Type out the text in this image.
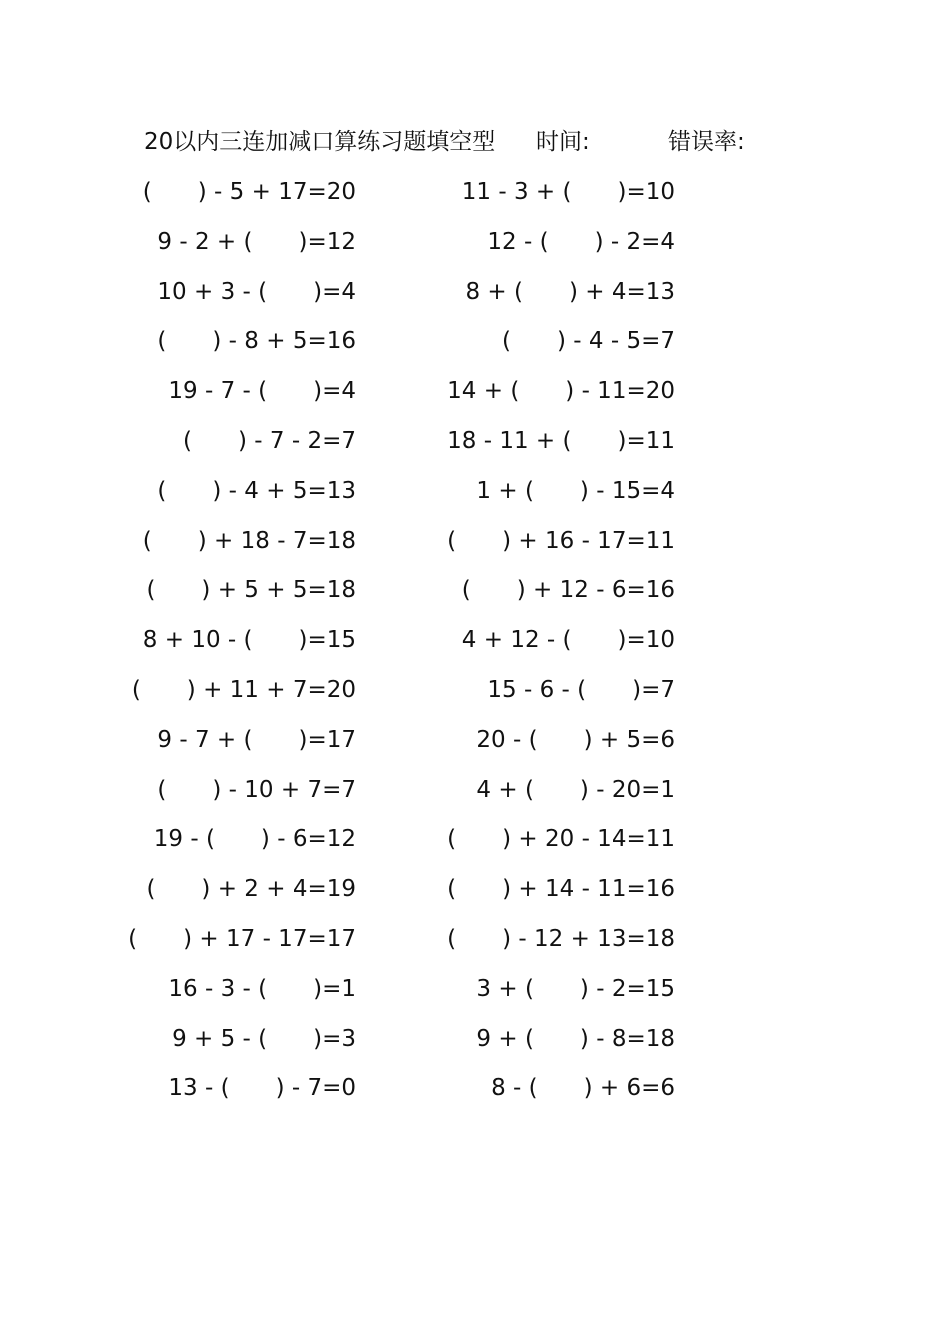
20以内三连加减口算练习题填空型 时间:	错误率:
(　　) - 5 + 17=20	11 - 3 + (　　)=10
9 - 2 + (　　)=12	12 - (　　) - 2=4
10 + 3 - (　　)=4	8 + (　　) + 4=13
(　　) - 8 + 5=16	(　　) - 4 - 5=7
19 - 7 - (　　)=4	14 + (　　) - 11=20
(　　) - 7 - 2=7	18 - 11 + (　　)=11
(　　) - 4 + 5=13	1 + (　　) - 15=4
(　　) + 18 - 7=18	(　　) + 16 - 17=11
(　　) + 5 + 5=18	(　　) + 12 - 6=16
8 + 10 - (　　)=15	4 + 12 - (　　)=10
(　　) + 11 + 7=20	15 - 6 - (　　)=7
9 - 7 + (　　)=17	20 - (　　) + 5=6
(　　) - 10 + 7=7	4 + (　　) - 20=1
19 - (　　) - 6=12	(　　) + 20 - 14=11
(　　) + 2 + 4=19	(　　) + 14 - 11=16
(　　) + 17 - 17=17	(　　) - 12 + 13=18
16 - 3 - (　　)=1	3 + (　　) - 2=15
9 + 5 - (　　)=3	9 + (　　) - 8=18
13 - (　　) - 7=0	8 - (　　) + 6=6
